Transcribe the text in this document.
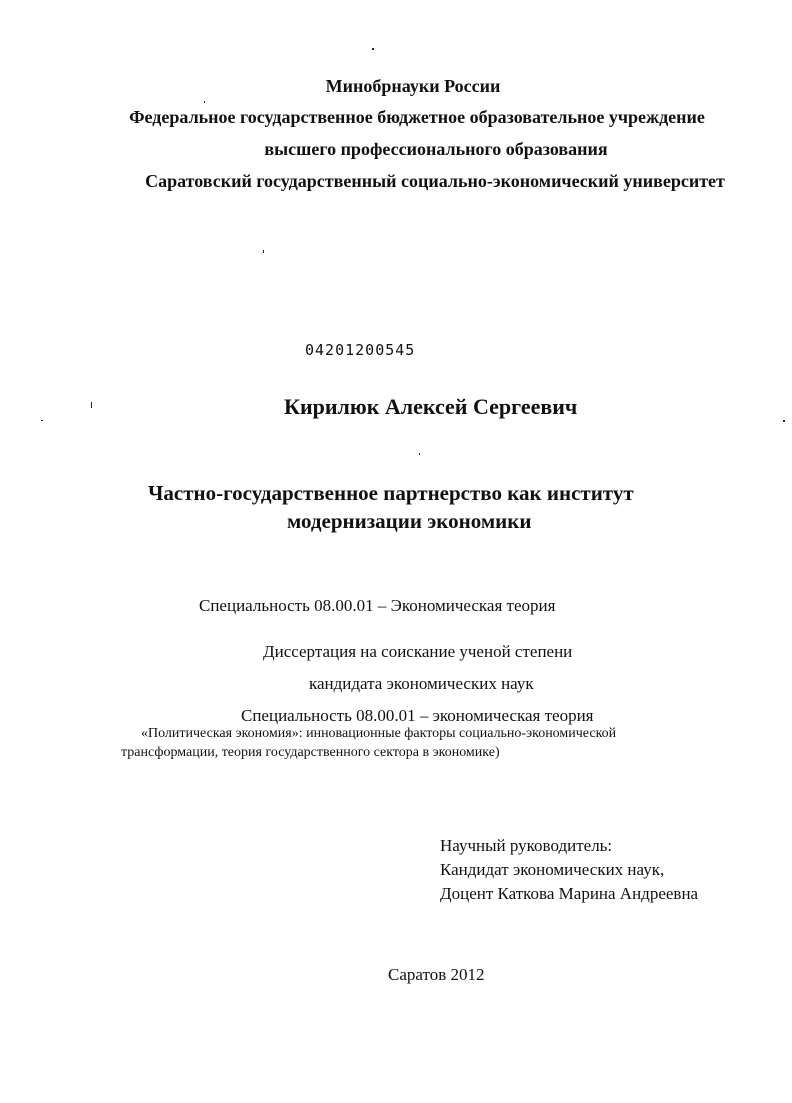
Минобрнауки России
Федеральное государственное бюджетное образовательное учреждение
высшего профессионального образования
Саратовский государственный социально-экономический университет
04201200545
Кирилюк Алексей Сергеевич
Частно-государственное партнерство как институт
модернизации экономики
Специальность 08.00.01 – Экономическая теория
Диссертация на соискание ученой степени
кандидата экономических наук
Специальность 08.00.01 – экономическая теория
«Политическая экономия»: инновационные факторы социально-экономической
трансформации, теория государственного сектора в экономике)
Научный руководитель:
Кандидат экономических наук,
Доцент Каткова Марина Андреевна
Саратов 2012
